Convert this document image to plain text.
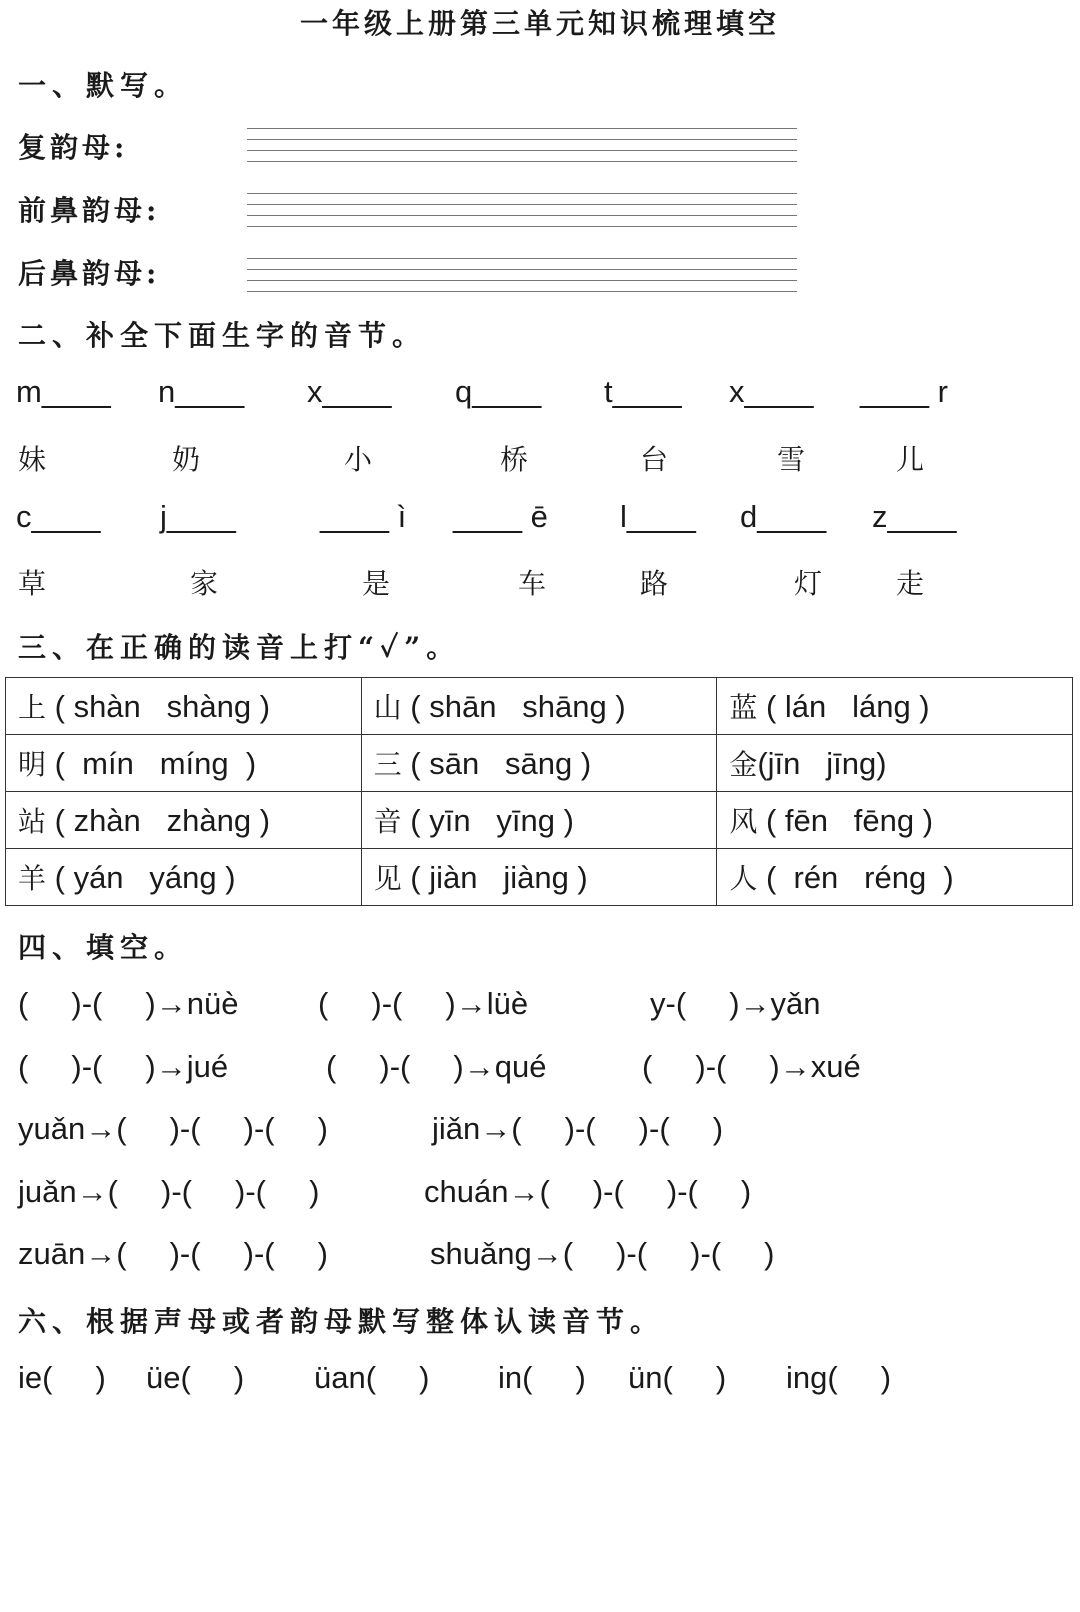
一年级上册第三单元知识梳理填空
一、默写。
复韵母:
前鼻韵母:
后鼻韵母:
二、补全下面生字的音节。
m____ n____ x____ q____ t____ x____ ____ r
妹	奶	小	桥	台	雪	儿
c____ j____	____ ì ____ ē l____ d____ z____
草	家	是	车	路	灯	走
三、在正确的读音上打“✓”。
上 ( shàn   shàng )	山 ( shān   shāng )	蓝 ( lán   láng )
明 (  mín   míng  )	三 ( sān   sāng )	金(jīn   jīng)
站 ( zhàn   zhàng )	音 ( yīn   yīng )	风 ( fēn   fēng )
羊 ( yán   yáng )	见 ( jiàn   jiàng )	人 (  rén   réng  )
四、填空。

(     )-(     )→nüè

	(     )-(     )→lüè

	y-(     )→yǎn

(     )-(     )→jué

	(     )-(     )→qué

	(     )-(     )→xué

yuǎn→(     )-(     )-(     )

	jiǎn→(     )-(     )-(     )

juǎn→(     )-(     )-(     )

	chuán→(     )-(     )-(     )

zuān→(     )-(     )-(     )

	shuǎng→(     )-(     )-(     )

六、根据声母或者韵母默写整体认读音节。

ie(     )

üe(     )

üan(     )

in(     )

ün(     )

ing(     )
